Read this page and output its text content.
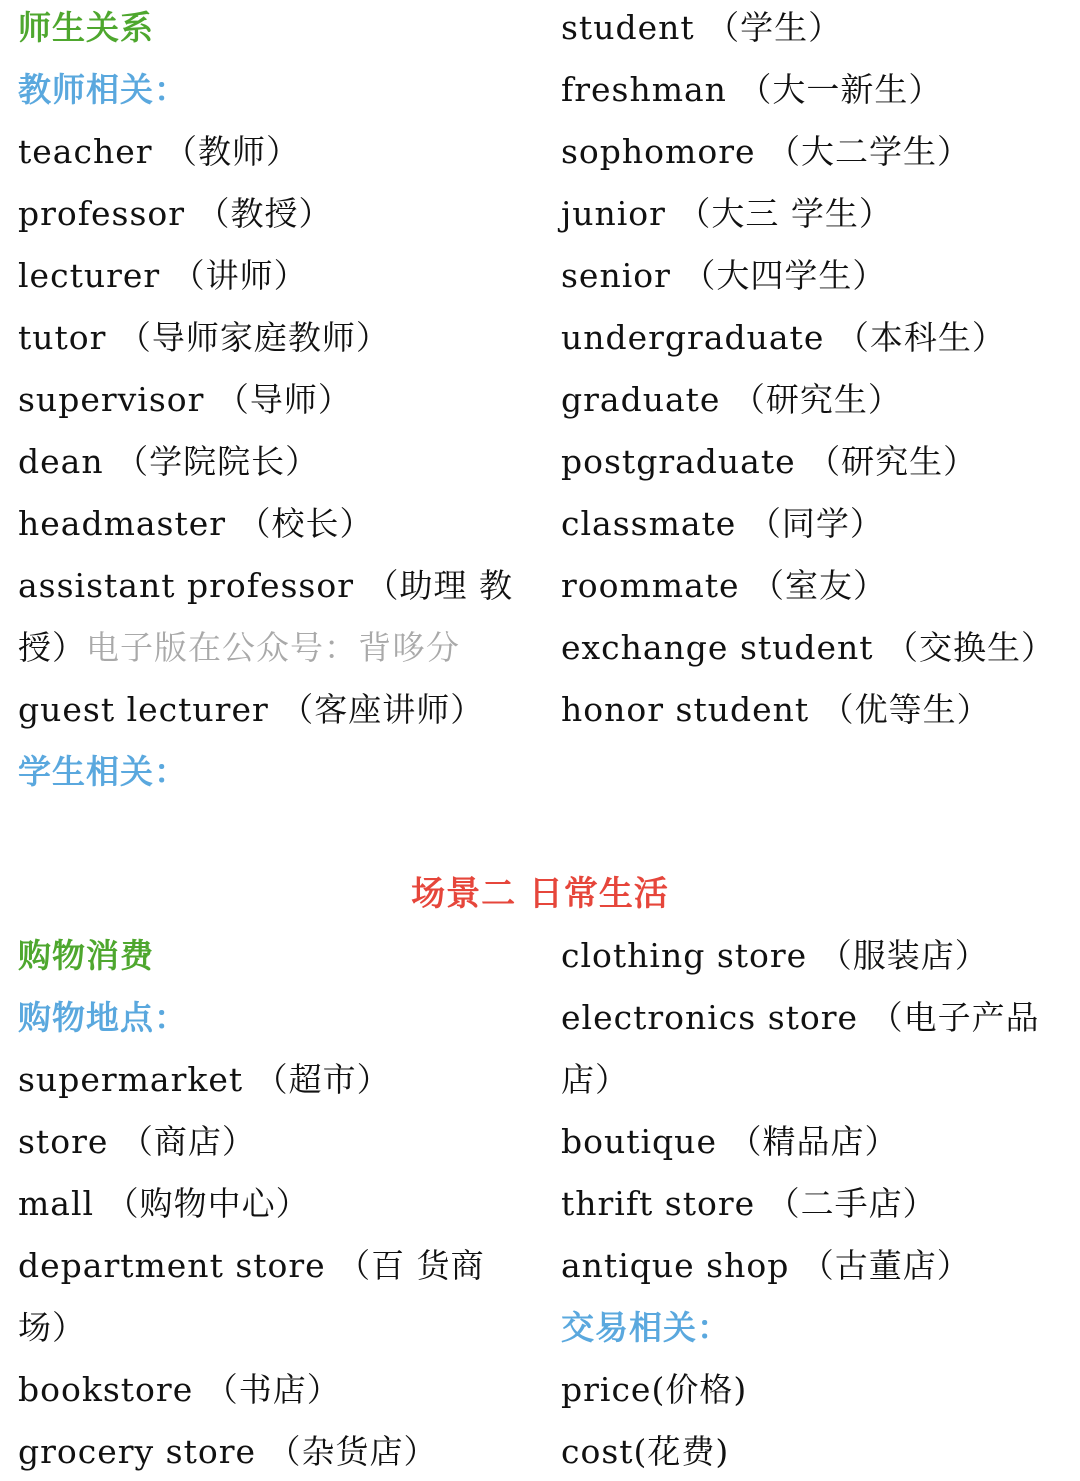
师生关系
教师相关：
teacher （教师）
professor （教授）
lecturer （讲师）
tutor （导师家庭教师）
supervisor （导师）
dean （学院院长）
headmaster （校长）
assistant professor （助理 教
授）电子版在公众号：背哆分
guest lecturer （客座讲师）
学生相关：
student （学生）
freshman （大一新生）
sophomore （大二学生）
junior （大三 学生）
senior （大四学生）
undergraduate （本科生）
graduate （研究生）
postgraduate （研究生）
classmate （同学）
roommate （室友）
exchange student （交换生）
honor student （优等生）
场景二 日常生活
购物消费
购物地点：
supermarket （超市）
store （商店）
mall （购物中心）
department store （百 货商
场）
bookstore （书店）
grocery store （杂货店）
clothing store （服装店）
electronics store （电子产品
店）
boutique （精品店）
thrift store （二手店）
antique shop （古董店）
交易相关：
price(价格)
cost(花费)
